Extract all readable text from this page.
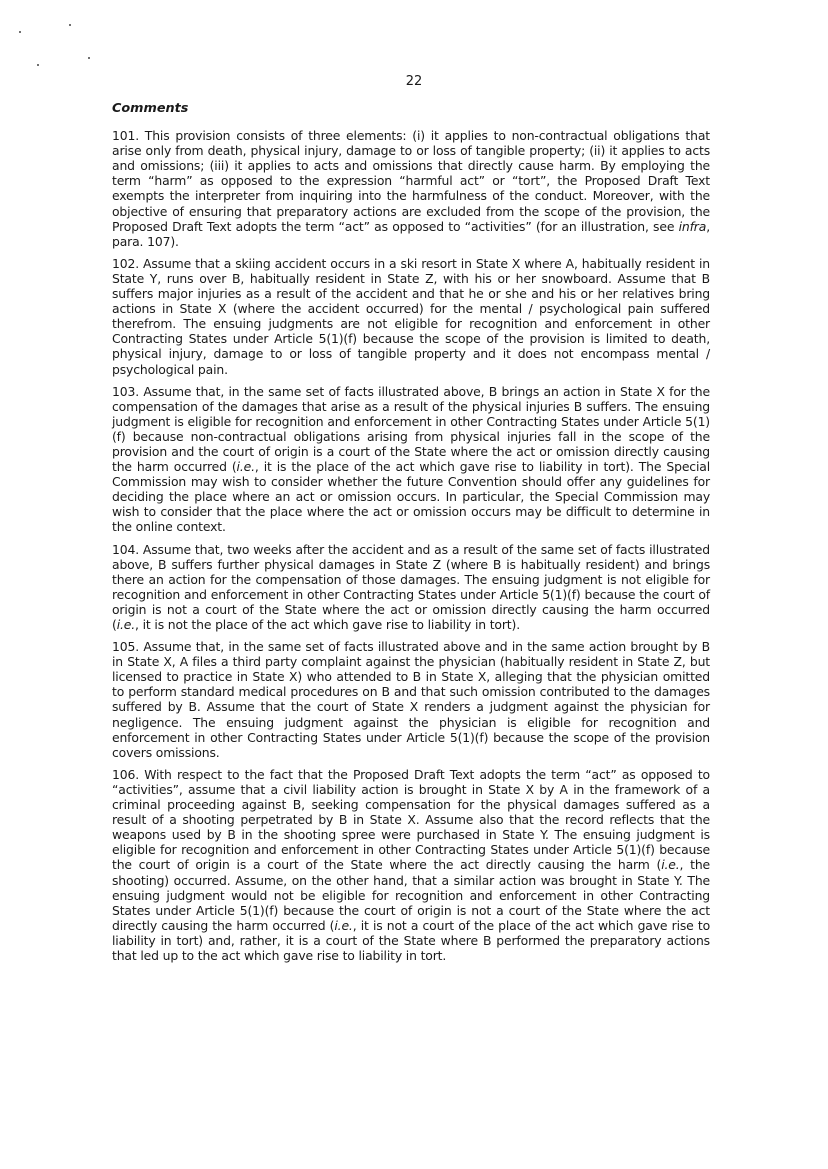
22
Comments

101. This provision consists of three elements: (i) it applies to non-contractual obligations that arise only from death, physical injury, damage to or loss of tangible property; (ii) it applies to acts and omissions; (iii) it applies to acts and omissions that directly cause harm. By employing the term “harm” as opposed to the expression “harmful act” or “tort”, the Proposed Draft Text exempts the interpreter from inquiring into the harmfulness of the conduct. Moreover, with the objective of ensuring that preparatory actions are excluded from the scope of the provision, the Proposed Draft Text adopts the term “act” as opposed to “activities” (for an illustration, see infra, para. 107).

102. Assume that a skiing accident occurs in a ski resort in State X where A, habitually resident in State Y, runs over B, habitually resident in State Z, with his or her snowboard. Assume that B suffers major injuries as a result of the accident and that he or she and his or her relatives bring actions in State X (where the accident occurred) for the mental / psychological pain suffered therefrom. The ensuing judgments are not eligible for recognition and enforcement in other Contracting States under Article 5(1)(f) because the scope of the provision is limited to death, physical injury, damage to or loss of tangible property and it does not encompass mental / psychological pain.

103. Assume that, in the same set of facts illustrated above, B brings an action in State X for the compensation of the damages that arise as a result of the physical injuries B suffers. The ensuing judgment is eligible for recognition and enforcement in other Contracting States under Article 5(1)(f) because non-contractual obligations arising from physical injuries fall in the scope of the provision and the court of origin is a court of the State where the act or omission directly causing the harm occurred (i.e., it is the place of the act which gave rise to liability in tort). The Special Commission may wish to consider whether the future Convention should offer any guidelines for deciding the place where an act or omission occurs. In particular, the Special Commission may wish to consider that the place where the act or omission occurs may be difficult to determine in the online context.

104. Assume that, two weeks after the accident and as a result of the same set of facts illustrated above, B suffers further physical damages in State Z (where B is habitually resident) and brings there an action for the compensation of those damages. The ensuing judgment is not eligible for recognition and enforcement in other Contracting States under Article 5(1)(f) because the court of origin is not a court of the State where the act or omission directly causing the harm occurred (i.e., it is not the place of the act which gave rise to liability in tort).

105. Assume that, in the same set of facts illustrated above and in the same action brought by B in State X, A files a third party complaint against the physician (habitually resident in State Z, but licensed to practice in State X) who attended to B in State X, alleging that the physician omitted to perform standard medical procedures on B and that such omission contributed to the damages suffered by B. Assume that the court of State X renders a judgment against the physician for negligence. The ensuing judgment against the physician is eligible for recognition and enforcement in other Contracting States under Article 5(1)(f) because the scope of the provision covers omissions.

106. With respect to the fact that the Proposed Draft Text adopts the term “act” as opposed to “activities”, assume that a civil liability action is brought in State X by A in the framework of a criminal proceeding against B, seeking compensation for the physical damages suffered as a result of a shooting perpetrated by B in State X. Assume also that the record reflects that the weapons used by B in the shooting spree were purchased in State Y. The ensuing judgment is eligible for recognition and enforcement in other Contracting States under Article 5(1)(f) because the court of origin is a court of the State where the act directly causing the harm (i.e., the shooting) occurred. Assume, on the other hand, that a similar action was brought in State Y. The ensuing judgment would not be eligible for recognition and enforcement in other Contracting States under Article 5(1)(f) because the court of origin is not a court of the State where the act directly causing the harm occurred (i.e., it is not a court of the place of the act which gave rise to liability in tort) and, rather, it is a court of the State where B performed the preparatory actions that led up to the act which gave rise to liability in tort.
